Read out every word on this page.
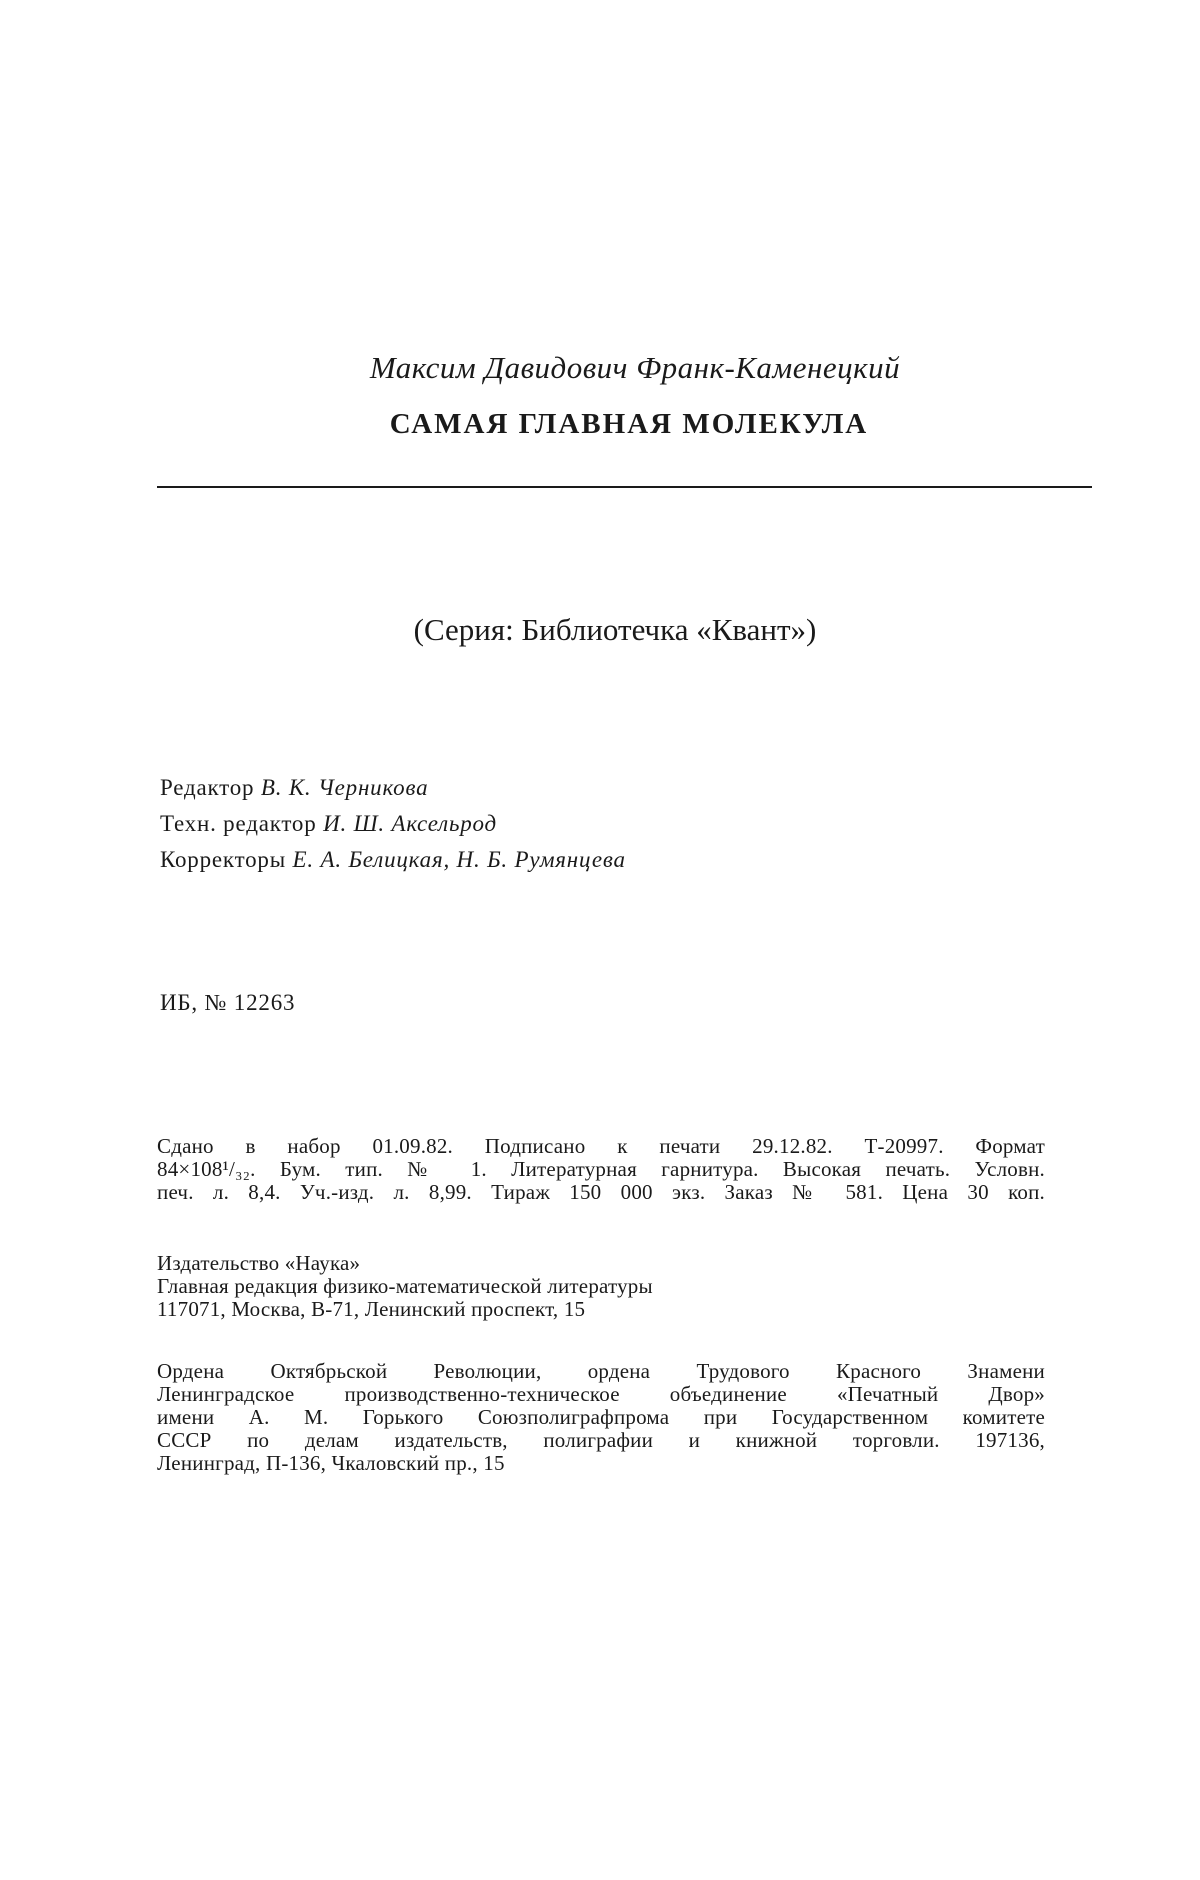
Максим Давидович Франк-Каменецкий
САМАЯ ГЛАВНАЯ МОЛЕКУЛА
(Серия: Библиотечка «Квант»)
Редактор В. К. Черникова
Техн. редактор И. Ш. Аксельрод
Корректоры Е. А. Белицкая, Н. Б. Румянцева
ИБ, № 12263
Сдано в набор 01.09.82. Подписано к печати 29.12.82. Т-20997. Формат
84×108¹/₃₂. Бум. тип. № 1. Литературная гарнитура. Высокая печать. Условн.
печ. л. 8,4. Уч.-изд. л. 8,99. Тираж 150 000 экз. Заказ № 581. Цена 30 коп.
Издательство «Наука»
Главная редакция физико-математической литературы
117071, Москва, В-71, Ленинский проспект, 15
Ордена Октябрьской Революции, ордена Трудового Красного Знамени
Ленинградское производственно-техническое объединение «Печатный Двор»
имени А. М. Горького Союзполиграфпрома при Государственном комитете
СССР по делам издательств, полиграфии и книжной торговли. 197136,
Ленинград, П-136, Чкаловский пр., 15
